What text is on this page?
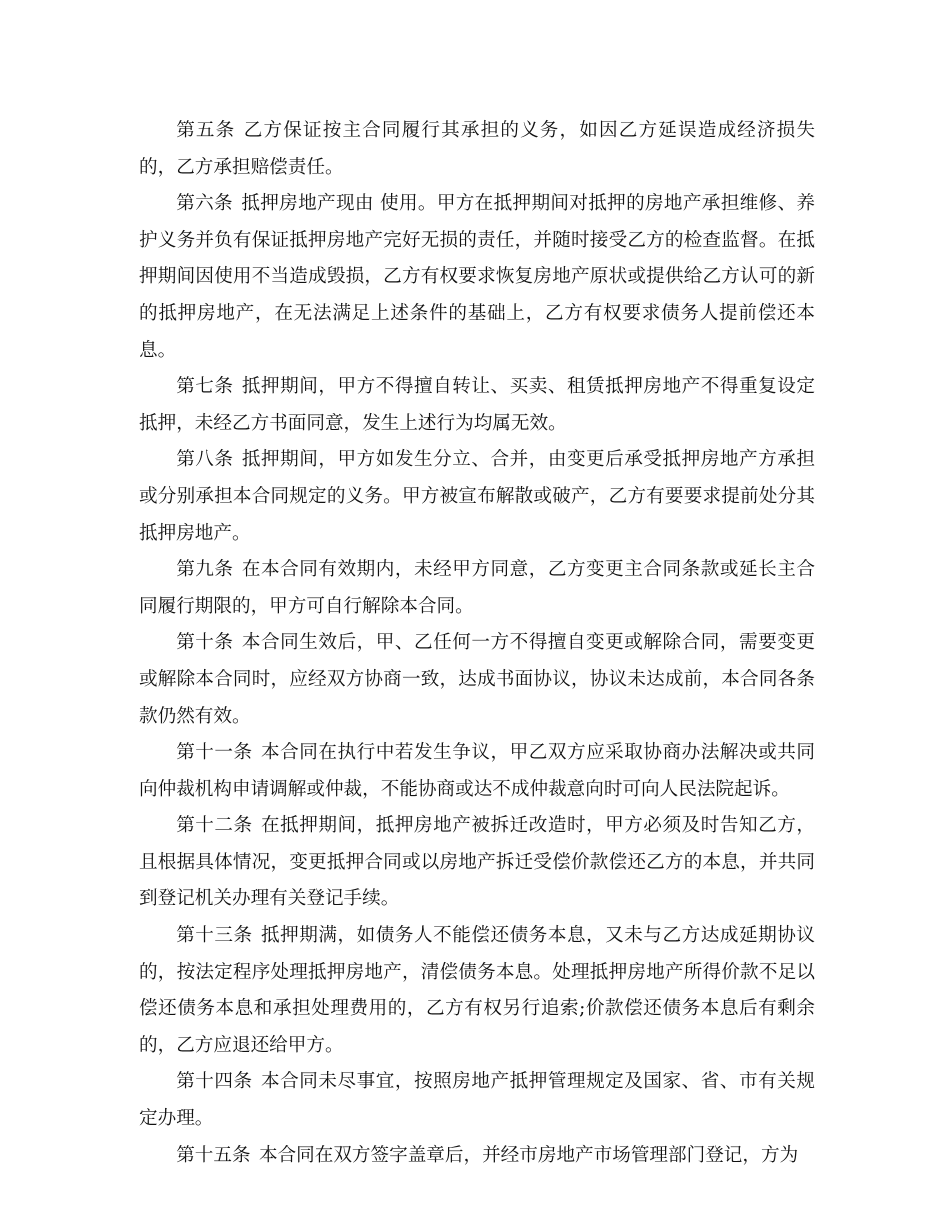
第五条 乙方保证按主合同履行其承担的义务，如因乙方延误造成经济损失的，乙方承担赔偿责任。

第六条 抵押房地产现由 使用。甲方在抵押期间对抵押的房地产承担维修、养护义务并负有保证抵押房地产完好无损的责任，并随时接受乙方的检查监督。在抵押期间因使用不当造成毁损，乙方有权要求恢复房地产原状或提供给乙方认可的新的抵押房地产，在无法满足上述条件的基础上，乙方有权要求债务人提前偿还本息。

第七条 抵押期间，甲方不得擅自转让、买卖、租赁抵押房地产不得重复设定抵押，未经乙方书面同意，发生上述行为均属无效。

第八条 抵押期间，甲方如发生分立、合并，由变更后承受抵押房地产方承担或分别承担本合同规定的义务。甲方被宣布解散或破产，乙方有要要求提前处分其抵押房地产。

第九条 在本合同有效期内，未经甲方同意，乙方变更主合同条款或延长主合同履行期限的，甲方可自行解除本合同。

第十条 本合同生效后，甲、乙任何一方不得擅自变更或解除合同，需要变更或解除本合同时，应经双方协商一致，达成书面协议，协议未达成前，本合同各条款仍然有效。

第十一条 本合同在执行中若发生争议，甲乙双方应采取协商办法解决或共同向仲裁机构申请调解或仲裁，不能协商或达不成仲裁意向时可向人民法院起诉。

第十二条 在抵押期间，抵押房地产被拆迁改造时，甲方必须及时告知乙方，且根据具体情况，变更抵押合同或以房地产拆迁受偿价款偿还乙方的本息，并共同到登记机关办理有关登记手续。

第十三条 抵押期满，如债务人不能偿还债务本息，又未与乙方达成延期协议的，按法定程序处理抵押房地产，清偿债务本息。处理抵押房地产所得价款不足以偿还债务本息和承担处理费用的，乙方有权另行追索;价款偿还债务本息后有剩余的，乙方应退还给甲方。

第十四条 本合同未尽事宜，按照房地产抵押管理规定及国家、省、市有关规定办理。

第十五条 本合同在双方签字盖章后，并经市房地产市场管理部门登记，方为
